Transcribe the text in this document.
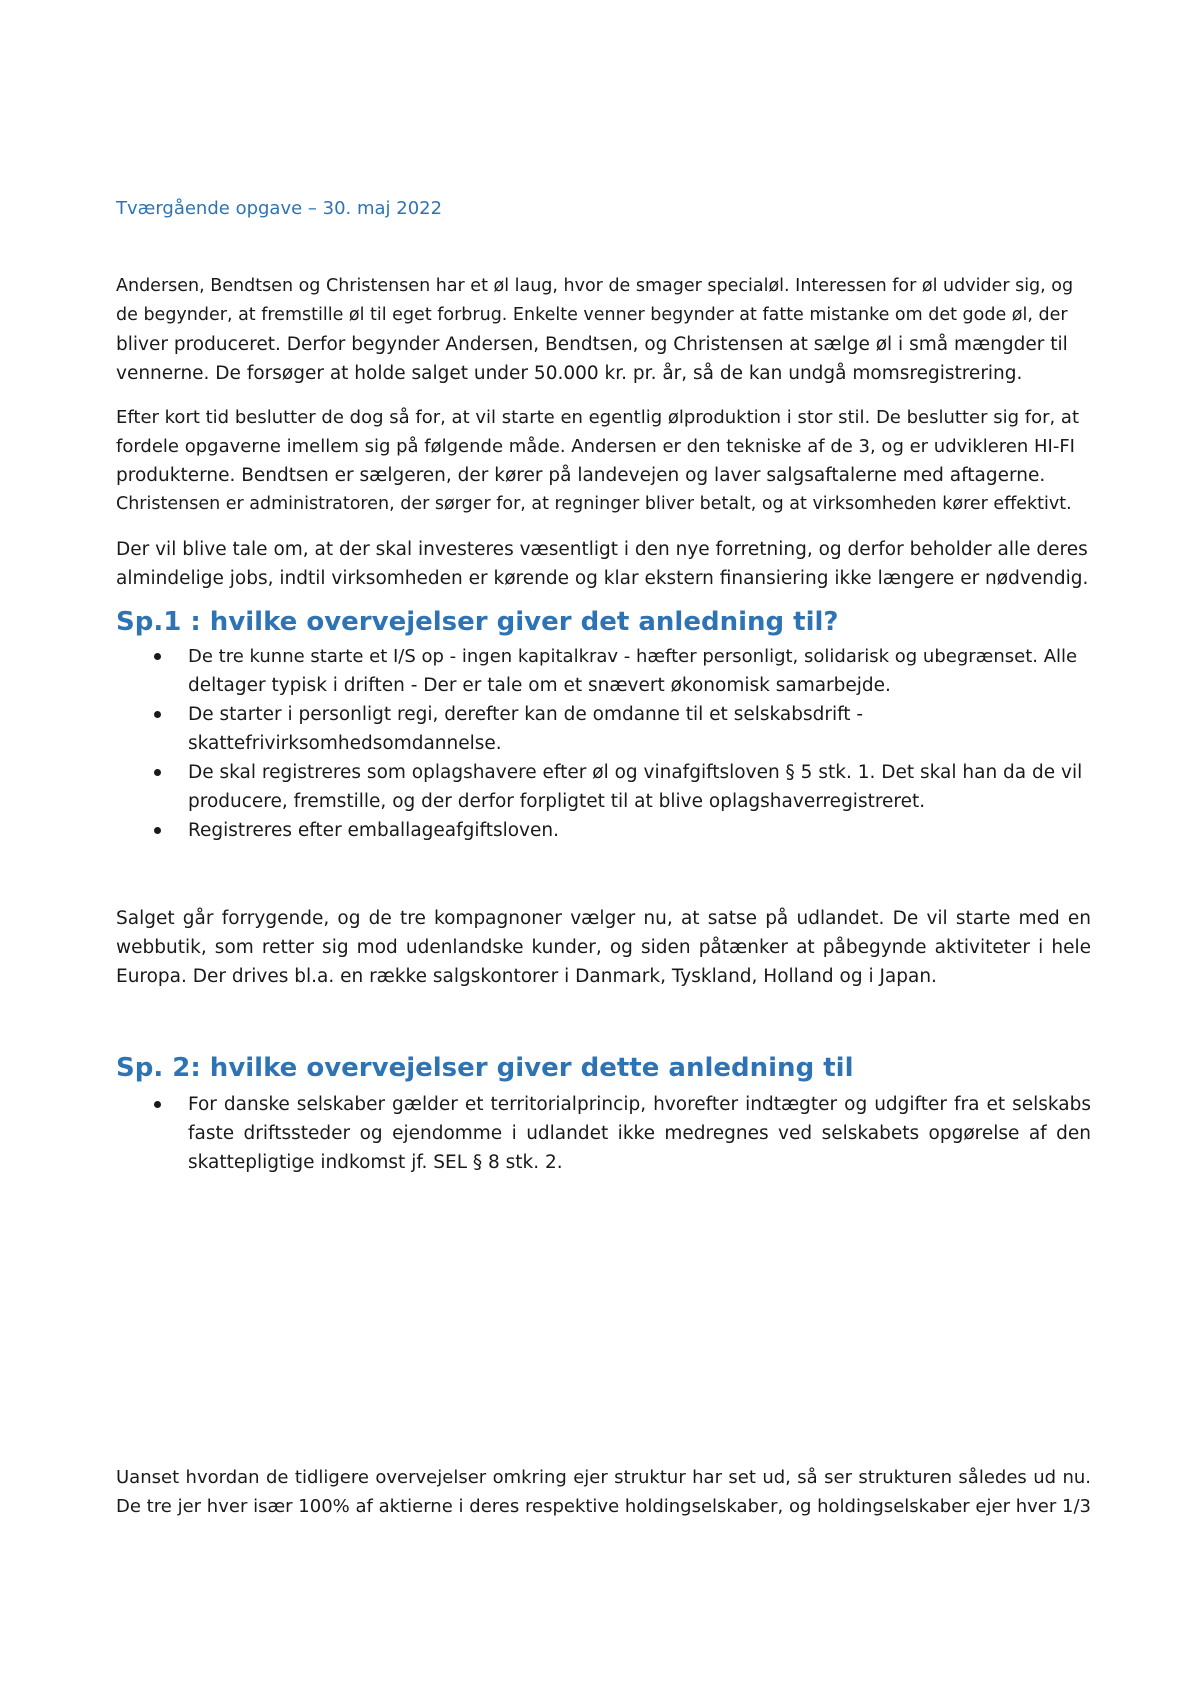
Tværgående opgave – 30. maj 2022
Andersen, Bendtsen og Christensen har et øl laug, hvor de smager specialøl. Interessen for øl udvider sig, og
de begynder, at fremstille øl til eget forbrug. Enkelte venner begynder at fatte mistanke om det gode øl, der
bliver produceret. Derfor begynder Andersen, Bendtsen, og Christensen at sælge øl i små mængder til
vennerne. De forsøger at holde salget under 50.000 kr. pr. år, så de kan undgå momsregistrering.
Efter kort tid beslutter de dog så for, at vil starte en egentlig ølproduktion i stor stil. De beslutter sig for, at
fordele opgaverne imellem sig på følgende måde. Andersen er den tekniske af de 3, og er udvikleren HI-FI
produkterne. Bendtsen er sælgeren, der kører på landevejen og laver salgsaftalerne med aftagerne.
Christensen er administratoren, der sørger for, at regninger bliver betalt, og at virksomheden kører effektivt.
Der vil blive tale om, at der skal investeres væsentligt i den nye forretning, og derfor beholder alle deres
almindelige jobs, indtil virksomheden er kørende og klar ekstern finansiering ikke længere er nødvendig.
Sp.1 : hvilke overvejelser giver det anledning til?
De tre kunne starte et I/S op - ingen kapitalkrav - hæfter personligt, solidarisk og ubegrænset. Alle
deltager typisk i driften - Der er tale om et snævert økonomisk samarbejde.
De starter i personligt regi, derefter kan de omdanne til et selskabsdrift -
skattefrivirksomhedsomdannelse.
De skal registreres som oplagshavere efter øl og vinafgiftsloven § 5 stk. 1. Det skal han da de vil
producere, fremstille, og der derfor forpligtet til at blive oplagshaverregistreret.
Registreres efter emballageafgiftsloven.
Salget går forrygende, og de tre kompagnoner vælger nu, at satse på udlandet. De vil starte med en
webbutik, som retter sig mod udenlandske kunder, og siden påtænker at påbegynde aktiviteter i hele
Europa. Der drives bl.a. en række salgskontorer i Danmark, Tyskland, Holland og i Japan.
Sp. 2: hvilke overvejelser giver dette anledning til
For danske selskaber gælder et territorialprincip, hvorefter indtægter og udgifter fra et selskabs
faste driftssteder og ejendomme i udlandet ikke medregnes ved selskabets opgørelse af den
skattepligtige indkomst jf. SEL § 8 stk. 2.
Uanset hvordan de tidligere overvejelser omkring ejer struktur har set ud, så ser strukturen således ud nu.
De tre jer hver især 100% af aktierne i deres respektive holdingselskaber, og holdingselskaber ejer hver 1/3
